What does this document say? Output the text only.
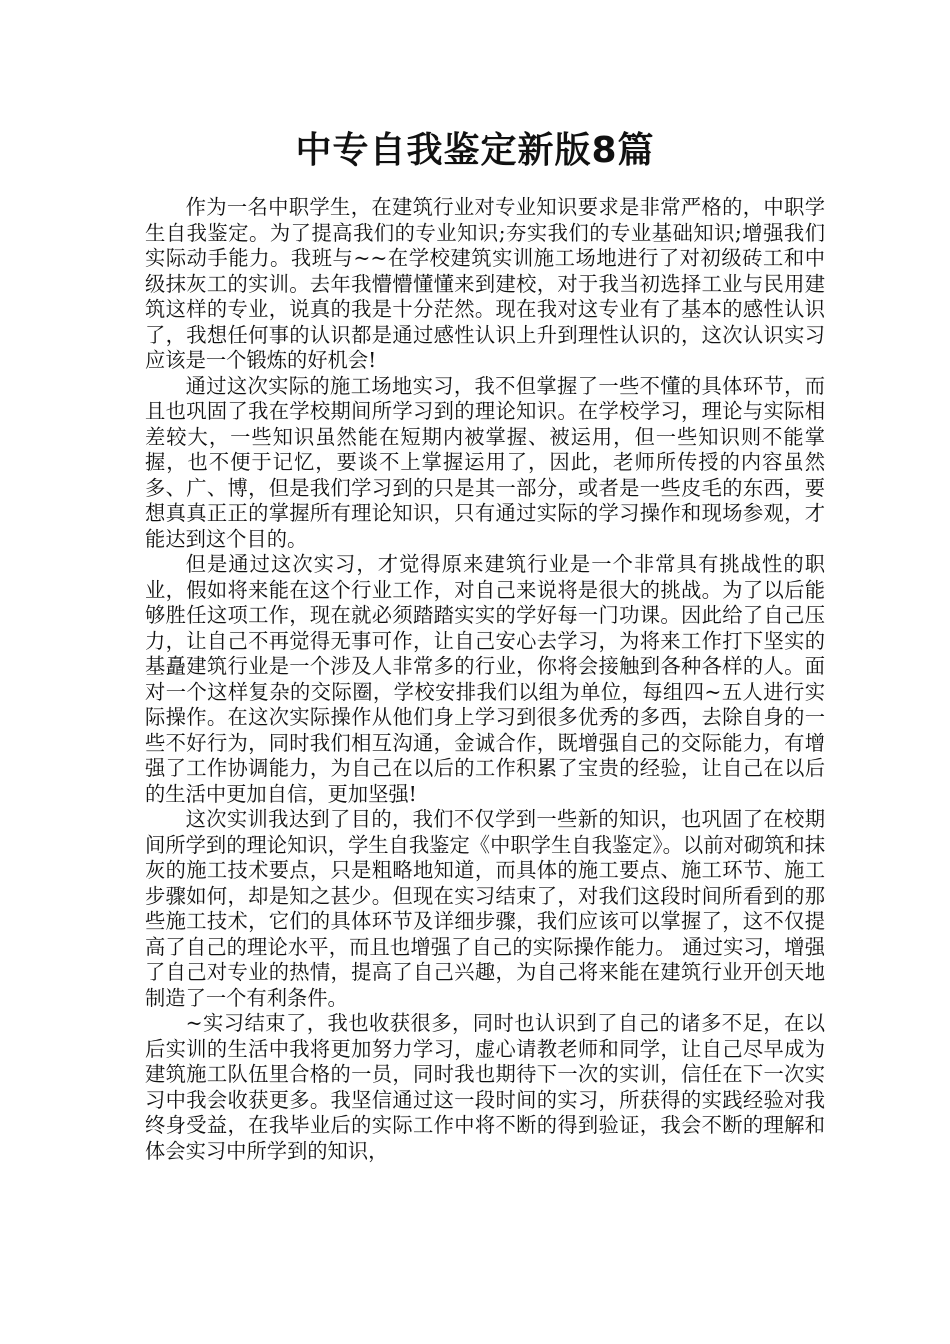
中专自我鉴定新版8篇

作为一名中职学生，在建筑行业对专业知识要求是非常严格的，中职学生自我鉴定。为了提高我们的专业知识;夯实我们的专业基础知识;增强我们实际动手能力。我班与~~在学校建筑实训施工场地进行了对初级砖工和中级抹灰工的实训。去年我懵懵懂懂来到建校，对于我当初选择工业与民用建筑这样的专业，说真的我是十分茫然。现在我对这专业有了基本的感性认识了，我想任何事的认识都是通过感性认识上升到理性认识的，这次认识实习应该是一个锻炼的好机会!

通过这次实际的施工场地实习，我不但掌握了一些不懂的具体环节，而且也巩固了我在学校期间所学习到的理论知识。在学校学习，理论与实际相差较大，一些知识虽然能在短期内被掌握、被运用，但一些知识则不能掌握，也不便于记忆，要谈不上掌握运用了，因此，老师所传授的内容虽然多、广、博，但是我们学习到的只是其一部分，或者是一些皮毛的东西，要想真真正正的掌握所有理论知识，只有通过实际的学习操作和现场参观，才能达到这个目的。

但是通过这次实习，才觉得原来建筑行业是一个非常具有挑战性的职业，假如将来能在这个行业工作，对自己来说将是很大的挑战。为了以后能够胜任这项工作，现在就必须踏踏实实的学好每一门功课。因此给了自己压力，让自己不再觉得无事可作，让自己安心去学习，为将来工作打下坚实的基矗建筑行业是一个涉及人非常多的行业，你将会接触到各种各样的人。面对一个这样复杂的交际圈，学校安排我们以组为单位，每组四~五人进行实际操作。在这次实际操作从他们身上学习到很多优秀的多西，去除自身的一些不好行为，同时我们相互沟通，金诚合作，既增强自己的交际能力，有增强了工作协调能力，为自己在以后的工作积累了宝贵的经验，让自己在以后的生活中更加自信，更加坚强!

这次实训我达到了目的，我们不仅学到一些新的知识，也巩固了在校期间所学到的理论知识，学生自我鉴定《中职学生自我鉴定》。以前对砌筑和抹灰的施工技术要点，只是粗略地知道，而具体的施工要点、施工环节、施工步骤如何，却是知之甚少。但现在实习结束了，对我们这段时间所看到的那些施工技术，它们的具体环节及详细步骤，我们应该可以掌握了，这不仅提高了自己的理论水平，而且也增强了自己的实际操作能力。 通过实习，增强了自己对专业的热情，提高了自己兴趣，为自己将来能在建筑行业开创天地制造了一个有利条件。

~实习结束了，我也收获很多，同时也认识到了自己的诸多不足，在以后实训的生活中我将更加努力学习，虚心请教老师和同学，让自己尽早成为建筑施工队伍里合格的一员，同时我也期待下一次的实训，信任在下一次实习中我会收获更多。我坚信通过这一段时间的实习，所获得的实践经验对我终身受益，在我毕业后的实际工作中将不断的得到验证，我会不断的理解和体会实习中所学到的知识，
